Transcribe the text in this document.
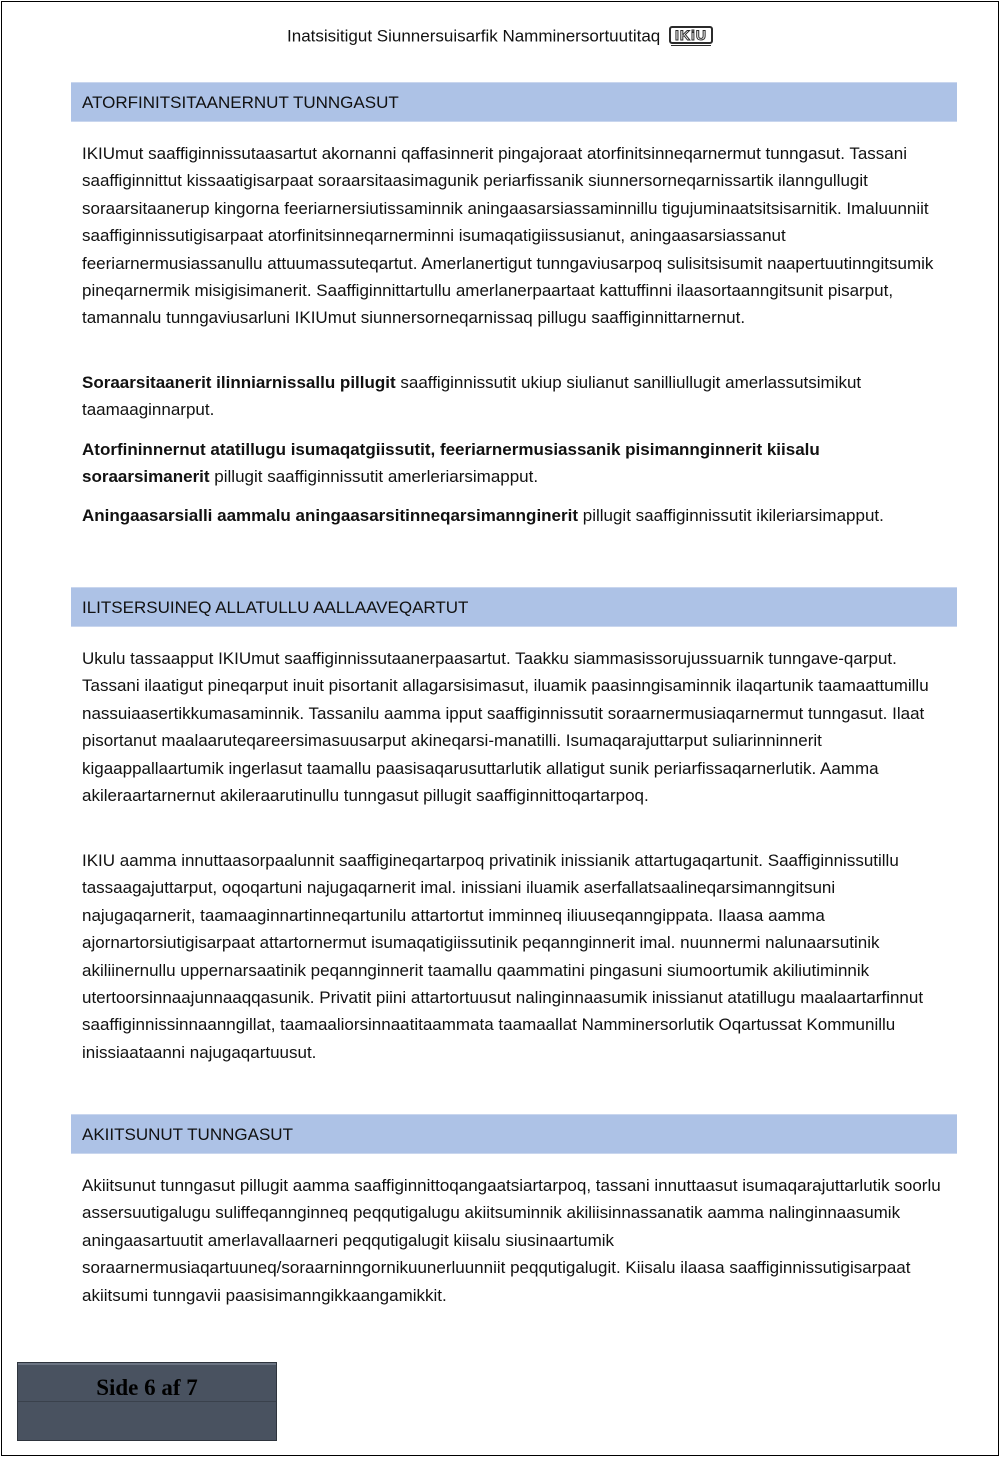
Inatsisitigut Siunnersuisarfik Namminersortuutitaq IKiU
ATORFINITSITAANERNUT TUNNGASUT

IKIUmut saaffiginnissutaasartut akornanni qaffasinnerit pingajoraat atorfinitsinneqarnermut tunngasut. Tassani saaffiginnittut kissaatigisarpaat soraarsitaasimagunik periarfissanik siunnersorneqarnissartik ilanngullugit soraarsitaanerup kingorna feeriarnersiutissaminnik aningaasarsiassaminnillu tigujuminaatsitsisarnitik. Imaluunniit saaffiginnissutigisarpaat atorfinitsinneqarnerminni isumaqatigiissusianut, aningaasarsiassanut feeriarnermusiassanullu attuumassuteqartut. Amerlanertigut tunngaviusarpoq sulisitsisumit naapertuutinngitsumik pineqarnermik misigisimanerit. Saaffiginnittartullu amerlanerpaartaat kattuffinni ilaasortaanngitsunit pisarput, tamannalu tunngaviusarluni IKIUmut siunnersorneqarnissaq pillugu saaffiginnittarnernut.

Soraarsitaanerit ilinniarnissallu pillugit saaffiginnissutit ukiup siulianut sanilliullugit amerlassutsimikut taamaaginnarput.

Atorfininnernut atatillugu isumaqatgiissutit, feeriarnermusiassanik pisimannginnerit kiisalu soraarsimanerit pillugit saaffiginnissutit amerleriarsimapput.

Aningaasarsialli aammalu aningaasarsitinneqarsimannginerit pillugit saaffiginnissutit ikileriarsimapput.

ILITSERSUINEQ ALLATULLU AALLAAVEQARTUT

Ukulu tassaapput IKIUmut saaffiginnissutaanerpaasartut. Taakku siammasissorujussuarnik tunngave-qarput. Tassani ilaatigut pineqarput inuit pisortanit allagarsisimasut, iluamik paasinngisaminnik ilaqartunik taamaattumillu nassuiaasertikkumasaminnik. Tassanilu aamma ipput saaffiginnissutit soraarnermusiaqarnermut tunngasut. Ilaat pisortanut maalaaruteqareersimasuusarput akineqarsi-manatilli. Isumaqarajuttarput suliarinninnerit kigaappallaartumik ingerlasut taamallu paasisaqarusuttarlutik allatigut sunik periarfissaqarnerlutik. Aamma akileraartarnernut akileraarutinullu tunngasut pillugit saaffiginnittoqartarpoq.

IKIU aamma innuttaasorpaalunnit saaffigineqartarpoq privatinik inissianik attartugaqartunit. Saaffiginnissutillu tassaagajuttarput, oqoqartuni najugaqarnerit imal. inissiani iluamik aserfallatsaalineqarsimanngitsuni najugaqarnerit, taamaaginnartinneqartunilu attartortut imminneq iliuuseqanngippata. Ilaasa aamma ajornartorsiutigisarpaat attartornermut isumaqatigiissutinik peqannginnerit imal. nuunnermi nalunaarsutinik akiliinernullu uppernarsaatinik peqannginnerit taamallu qaammatini pingasuni siumoortumik akiliutiminnik utertoorsinnaajunnaaqqasunik. Privatit piini attartortuusut nalinginnaasumik inissianut atatillugu maalaartarfinnut saaffiginnissinnaanngillat, taamaaliorsinnaatitaammata taamaallat Namminersorlutik Oqartussat Kommunillu inissiaataanni najugaqartuusut.

AKIITSUNUT TUNNGASUT

Akiitsunut tunngasut pillugit aamma saaffiginnittoqangaatsiartarpoq, tassani innuttaasut isumaqarajuttarlutik soorlu assersuutigalugu suliffeqannginneq peqqutigalugu akiitsuminnik akiliisinnassanatik aamma nalinginnaasumik aningaasartuutit amerlavallaarneri peqqutigalugit kiisalu siusinaartumik soraarnermusiaqartuuneq/soraarninngornikuunerluunniit peqqutigalugit. Kiisalu ilaasa saaffiginnissutigisarpaat akiitsumi tunngavii paasisimanngikkaangamikkit.

Side 6 af 7
